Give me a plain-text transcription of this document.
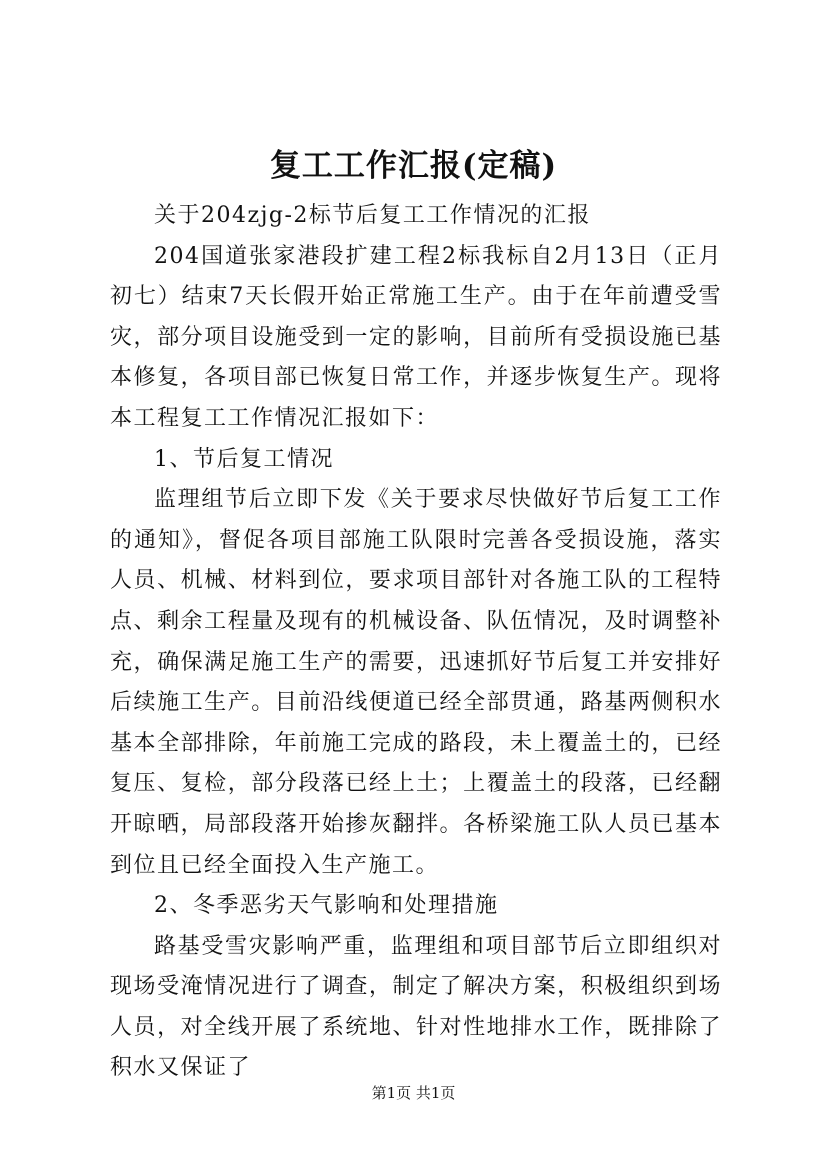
复工工作汇报(定稿)

关于204zjg-2标节后复工工作情况的汇报

204国道张家港段扩建工程2标我标自2月13日（正月初七）结束7天长假开始正常施工生产。由于在年前遭受雪灾，部分项目设施受到一定的影响，目前所有受损设施已基本修复，各项目部已恢复日常工作，并逐步恢复生产。现将本工程复工工作情况汇报如下：

1、节后复工情况

监理组节后立即下发《关于要求尽快做好节后复工工作的通知》，督促各项目部施工队限时完善各受损设施，落实人员、机械、材料到位，要求项目部针对各施工队的工程特点、剩余工程量及现有的机械设备、队伍情况，及时调整补充，确保满足施工生产的需要，迅速抓好节后复工并安排好后续施工生产。目前沿线便道已经全部贯通，路基两侧积水基本全部排除，年前施工完成的路段，未上覆盖土的，已经复压、复检，部分段落已经上土；上覆盖土的段落，已经翻开晾晒，局部段落开始掺灰翻拌。各桥梁施工队人员已基本到位且已经全面投入生产施工。

2、冬季恶劣天气影响和处理措施

路基受雪灾影响严重，监理组和项目部节后立即组织对现场受淹情况进行了调查，制定了解决方案，积极组织到场人员，对全线开展了系统地、针对性地排水工作，既排除了积水又保证了

第1页 共1页
